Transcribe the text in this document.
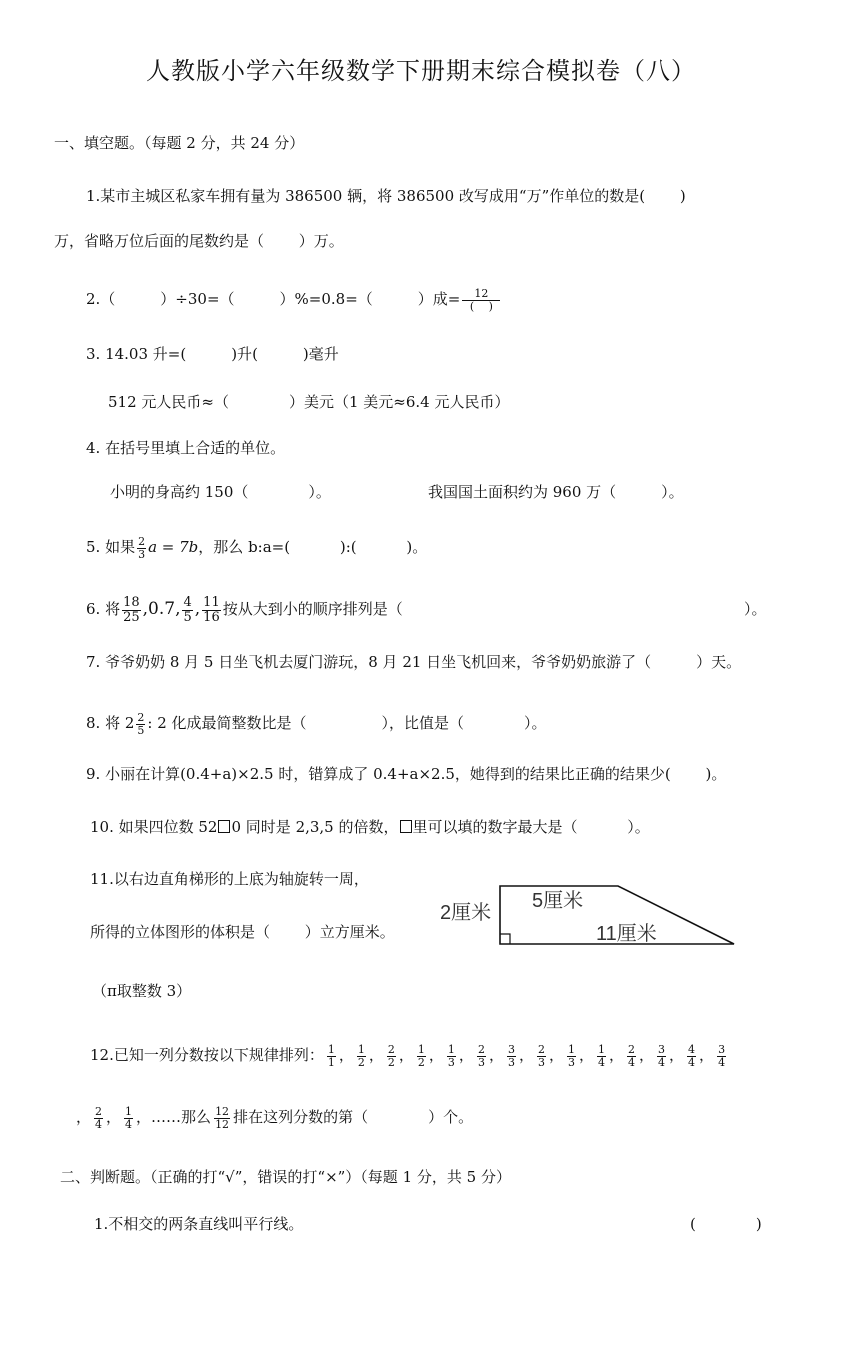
人教版小学六年级数学下册期末综合模拟卷（八）
一、填空题。（每题 2 分，共 24 分）
1.某市主城区私家车拥有量为 386500 辆，将 386500 改写成用“万”作单位的数是(　　 )
万，省略万位后面的尾数约是（　　 ）万。
2.（　　　）÷30=（　　　）%=0.8=（　　　）成= $\frac{12}{( )}$
3. 14.03 升=(　　　)升(　　　)毫升
512 元人民币≈（　　　　）美元（1 美元≈6.4 元人民币）
4. 在括号里填上合适的单位。
小明的身高约 150（　　　　）。	我国国土面积约为 960 万（　　　）。
5. 如果 $\frac{2}{3}$ a = 7b，那么 b:a=(　　　 ):(　　　 )。
6. 将 $\frac{18}{25} ,0.7$, $\frac{4}{5}$ , $\frac{11}{16}$ 按从大到小的顺序排列是（	）。
7. 爷爷奶奶 8 月 5 日坐飞机去厦门游玩，8 月 21 日坐飞机回来，爷爷奶奶旅游了（　　　）天。
8. 将 $2 \frac{2}{5}$ : 2 化成最简整数比是（　　　　　），比值是（　　　　）。
9. 小丽在计算(0.4+a)×2.5 时，错算成了 0.4+a×2.5，她得到的结果比正确的结果少(　　 )。
10. 如果四位数 52 0 同时是 2,3,5 的倍数， 里可以填的数字最大是（　　　 ）。
11.以右边直角梯形的上底为轴旋转一周，
所得的立体图形的体积是（　　 ）立方厘米。
（π取整数 3）
2厘米
5厘米
11厘米
12.已知一列分数按以下规律排列： $\frac{1}{1}$ ， $\frac{1}{2}$ ， $\frac{2}{2}$ ， $\frac{1}{2}$ ， $\frac{1}{3}$ ， $\frac{2}{3}$ ， $\frac{3}{3}$ ， $\frac{2}{3}$ ， $\frac{1}{3}$ ， $\frac{1}{4}$ ， $\frac{2}{4}$ ， $\frac{3}{4}$ ， $\frac{4}{4}$ ， $\frac{3}{4}$
， $\frac{2}{4}$ ， $\frac{1}{4}$ ，……那么 $\frac{12}{12}$ 排在这列分数的第（　　　　）个。
二、判断题。（正确的打“√”，错误的打“×”）（每题 1 分，共 5 分）
1.不相交的两条直线叫平行线。	(　　　　)
